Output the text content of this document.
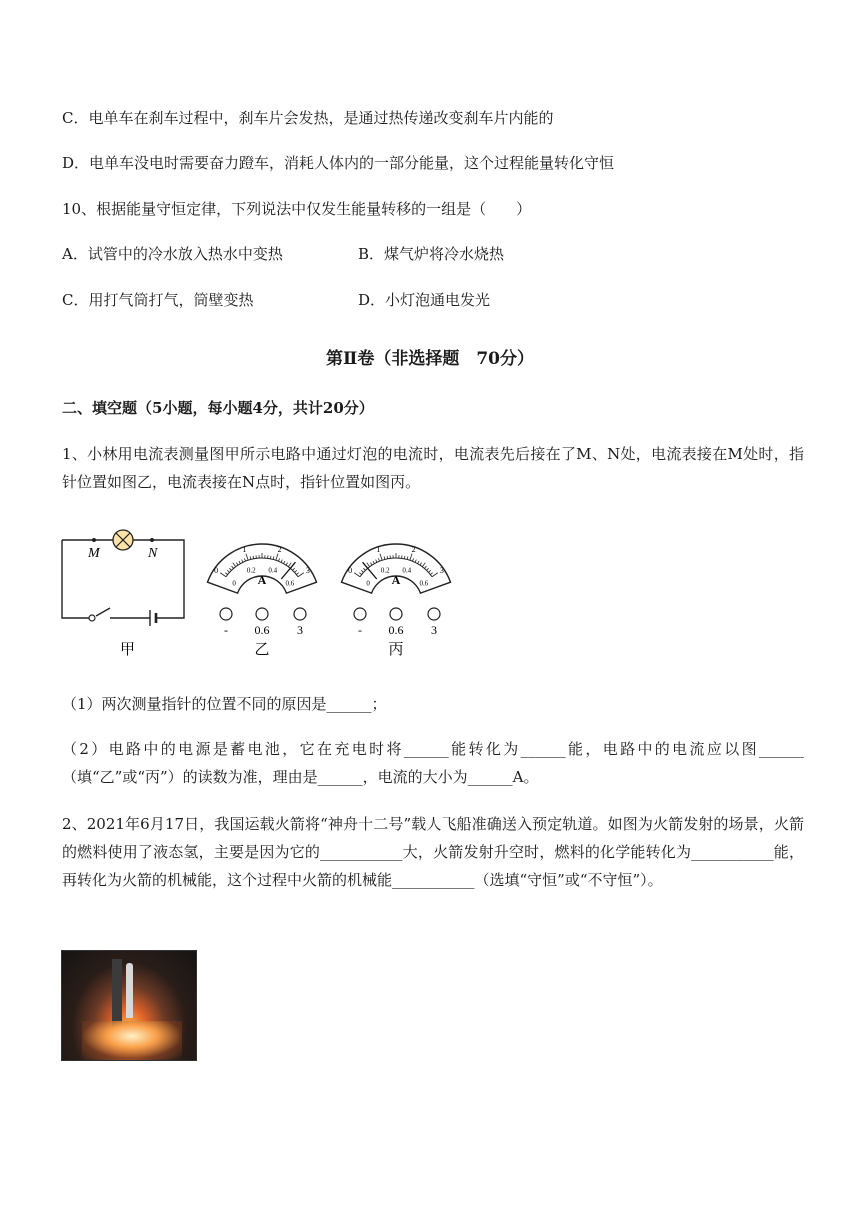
C．电单车在刹车过程中，刹车片会发热，是通过热传递改变刹车片内能的
D．电单车没电时需要奋力蹬车，消耗人体内的一部分能量，这个过程能量转化守恒
10、根据能量守恒定律，下列说法中仅发生能量转移的一组是（　　）
A．试管中的冷水放入热水中变热	B．煤气炉将冷水烧热
C．用打气筒打气，筒壁变热	D．小灯泡通电发光
第Ⅱ卷（非选择题　70分）
二、填空题（5小题，每小题4分，共计20分）
1、小林用电流表测量图甲所示电路中通过灯泡的电流时，电流表先后接在了M、N处，电流表接在M处时，指针位置如图乙，电流表接在N点时，指针位置如图丙。
M	N
甲
0
1	2
3
0
0.2 0.4
0.6
A
- 0.6 3
乙
0
1	2
3
0
0.2 0.4
0.6
A
- 0.6 3
丙
（1）两次测量指针的位置不同的原因是______；
（2）电路中的电源是蓄电池，它在充电时将______能转化为______能，电路中的电流应以图______（填“乙”或“丙”）的读数为准，理由是______，电流的大小为______A。
2、2021年6月17日，我国运载火箭将“神舟十二号”载人飞船准确送入预定轨道。如图为火箭发射的场景，火箭的燃料使用了液态氢，主要是因为它的___________大，火箭发射升空时，燃料的化学能转化为___________能，再转化为火箭的机械能，这个过程中火箭的机械能___________（选填“守恒”或“不守恒”）。
